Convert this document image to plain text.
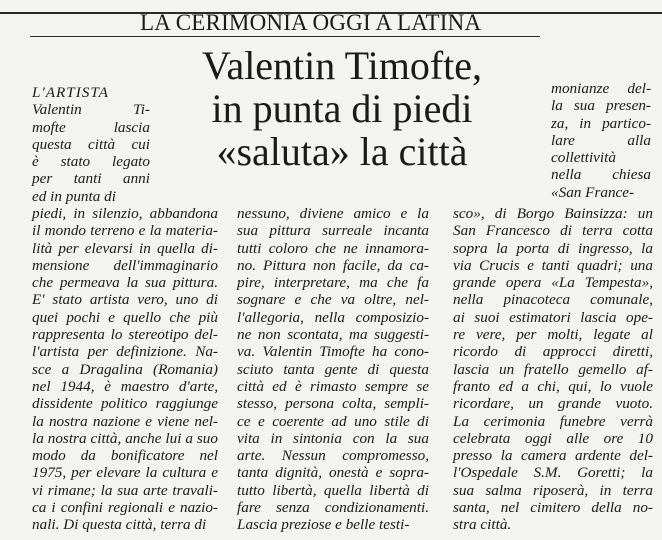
LA CERIMONIA OGGI A LATINA
Valentin Timofte,
in punta di piedi
«saluta» la città
L'ARTISTA
Valentin Ti-
mofte lascia
questa città cui
è stato legato
per tanti anni
ed in punta di
piedi, in silenzio, abbandona
il mondo terreno e la materia-
lità per elevarsi in quella di-
mensione dell'immaginario
che permeava la sua pittura.
E' stato artista vero, uno di
quei pochi e quello che più
rappresenta lo stereotipo del-
l'artista per definizione. Na-
sce a Dragalina (Romania)
nel 1944, è maestro d'arte,
dissidente politico raggiunge
la nostra nazione e viene nel-
la nostra città, anche lui a suo
modo da bonificatore nel
1975, per elevare la cultura e
vi rimane; la sua arte travali-
ca i confini regionali e nazio-
nali. Di questa città, terra di
nessuno, diviene amico e la
sua pittura surreale incanta
tutti coloro che ne innamora-
no. Pittura non facile, da ca-
pire, interpretare, ma che fa
sognare e che va oltre, nel-
l'allegoria, nella composizio-
ne non scontata, ma suggesti-
va. Valentin Timofte ha cono-
sciuto tanta gente di questa
città ed è rimasto sempre se
stesso, persona colta, sempli-
ce e coerente ad uno stile di
vita in sintonia con la sua
arte. Nessun compromesso,
tanta dignità, onestà e sopra-
tutto libertà, quella libertà di
fare senza condizionamenti.
Lascia preziose e belle testi-
monianze del-
la sua presen-
za, in partico-
lare alla
collettività
nella chiesa
«San France-
sco», di Borgo Bainsizza: un
San Francesco di terra cotta
sopra la porta di ingresso, la
via Crucis e tanti quadri; una
grande opera «La Tempesta»,
nella pinacoteca comunale,
ai suoi estimatori lascia ope-
re vere, per molti, legate al
ricordo di approcci diretti,
lascia un fratello gemello af-
franto ed a chi, qui, lo vuole
ricordare, un grande vuoto.
La cerimonia funebre verrà
celebrata oggi alle ore 10
presso la camera ardente del-
l'Ospedale S.M. Goretti; la
sua salma riposerà, in terra
santa, nel cimitero della no-
stra città.
